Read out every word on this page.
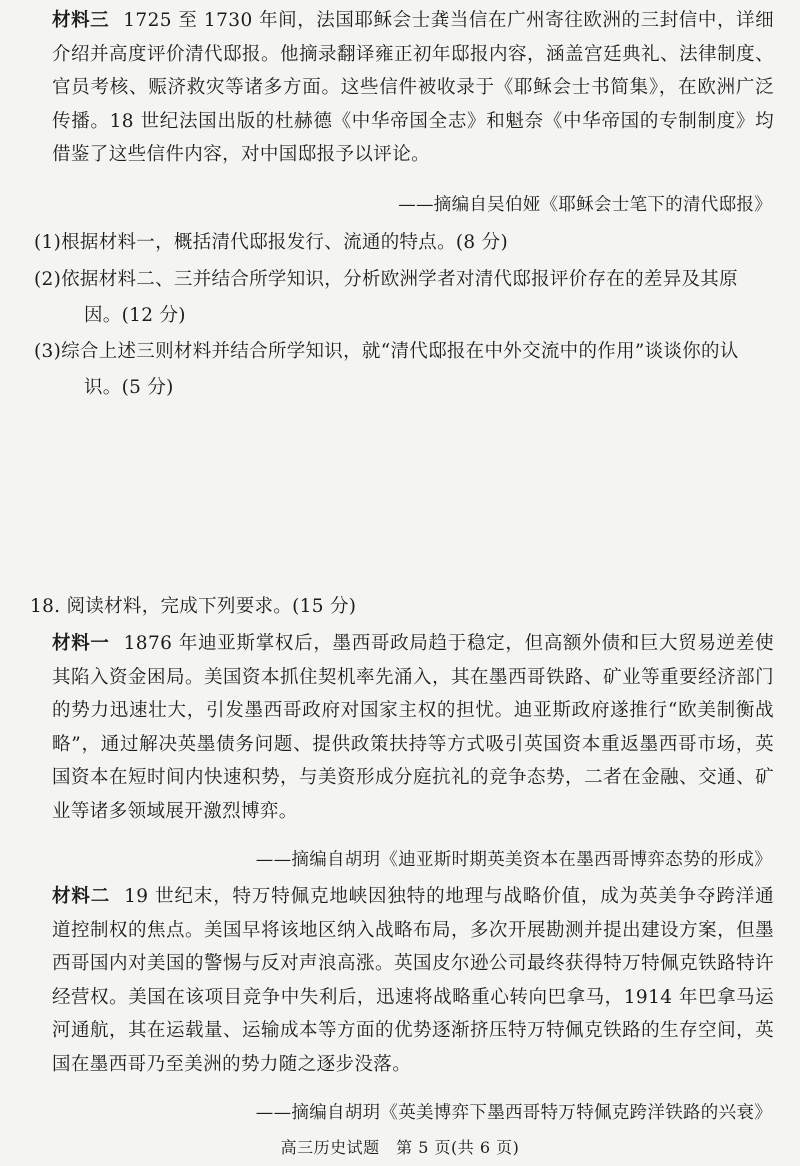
材料三 1725 至 1730 年间，法国耶稣会士龚当信在广州寄往欧洲的三封信中，详细介绍并高度评价清代邸报。他摘录翻译雍正初年邸报内容，涵盖宫廷典礼、法律制度、官员考核、赈济救灾等诸多方面。这些信件被收录于《耶稣会士书简集》，在欧洲广泛传播。18 世纪法国出版的杜赫德《中华帝国全志》和魁奈《中华帝国的专制制度》均借鉴了这些信件内容，对中国邸报予以评论。
——摘编自吴伯娅《耶稣会士笔下的清代邸报》
(1)根据材料一，概括清代邸报发行、流通的特点。(8 分)
(2)依据材料二、三并结合所学知识，分析欧洲学者对清代邸报评价存在的差异及其原
因。(12 分)
(3)综合上述三则材料并结合所学知识，就“清代邸报在中外交流中的作用”谈谈你的认
识。(5 分)
18. 阅读材料，完成下列要求。(15 分)
材料一 1876 年迪亚斯掌权后，墨西哥政局趋于稳定，但高额外债和巨大贸易逆差使其陷入资金困局。美国资本抓住契机率先涌入，其在墨西哥铁路、矿业等重要经济部门的势力迅速壮大，引发墨西哥政府对国家主权的担忧。迪亚斯政府遂推行“欧美制衡战略”，通过解决英墨债务问题、提供政策扶持等方式吸引英国资本重返墨西哥市场，英国资本在短时间内快速积势，与美资形成分庭抗礼的竞争态势，二者在金融、交通、矿业等诸多领域展开激烈博弈。
——摘编自胡玥《迪亚斯时期英美资本在墨西哥博弈态势的形成》
材料二 19 世纪末，特万特佩克地峡因独特的地理与战略价值，成为英美争夺跨洋通道控制权的焦点。美国早将该地区纳入战略布局，多次开展勘测并提出建设方案，但墨西哥国内对美国的警惕与反对声浪高涨。英国皮尔逊公司最终获得特万特佩克铁路特许经营权。美国在该项目竞争中失利后，迅速将战略重心转向巴拿马，1914 年巴拿马运河通航，其在运载量、运输成本等方面的优势逐渐挤压特万特佩克铁路的生存空间，英国在墨西哥乃至美洲的势力随之逐步没落。
——摘编自胡玥《英美博弈下墨西哥特万特佩克跨洋铁路的兴衰》
高三历史试题　第 5 页(共 6 页)
